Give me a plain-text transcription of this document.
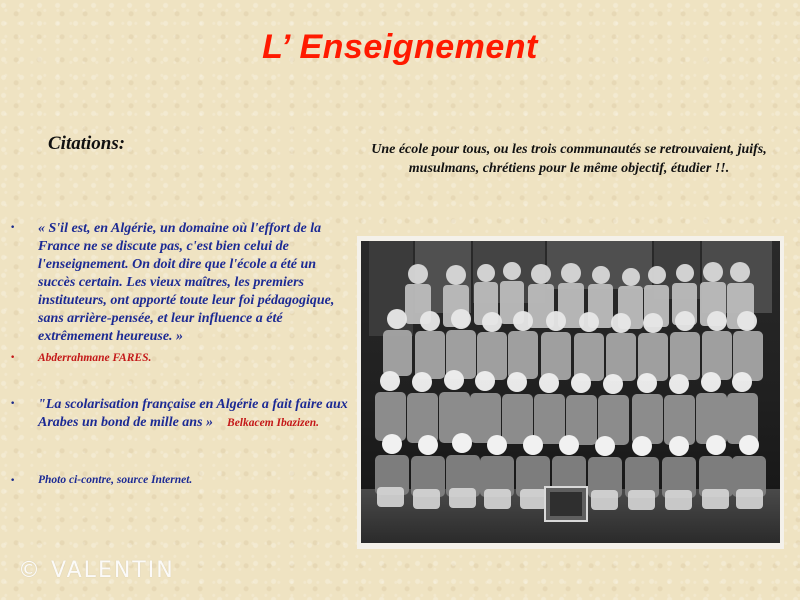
L’ Enseignement
Citations:	Une école pour tous, ou les trois communautés se retrouvaient, juifs, musulmans, chrétiens pour le même objectif, étudier !!.
•	« S'il est, en Algérie, un domaine où l'effort de la France ne se discute pas, c'est bien celui de l'enseignement. On doit dire que l'école a été un succès certain. Les vieux maîtres, les premiers instituteurs, ont apporté toute leur foi pédagogique, sans arrière-pensée, et leur influence a été extrêmement heureuse. »
•	Abderrahmane FARES.
•	"La scolarisation française en Algérie a fait faire aux Arabes un bond de mille ans » Belkacem Ibazizen.
•	Photo ci-contre, source Internet.
© VALENTIN
